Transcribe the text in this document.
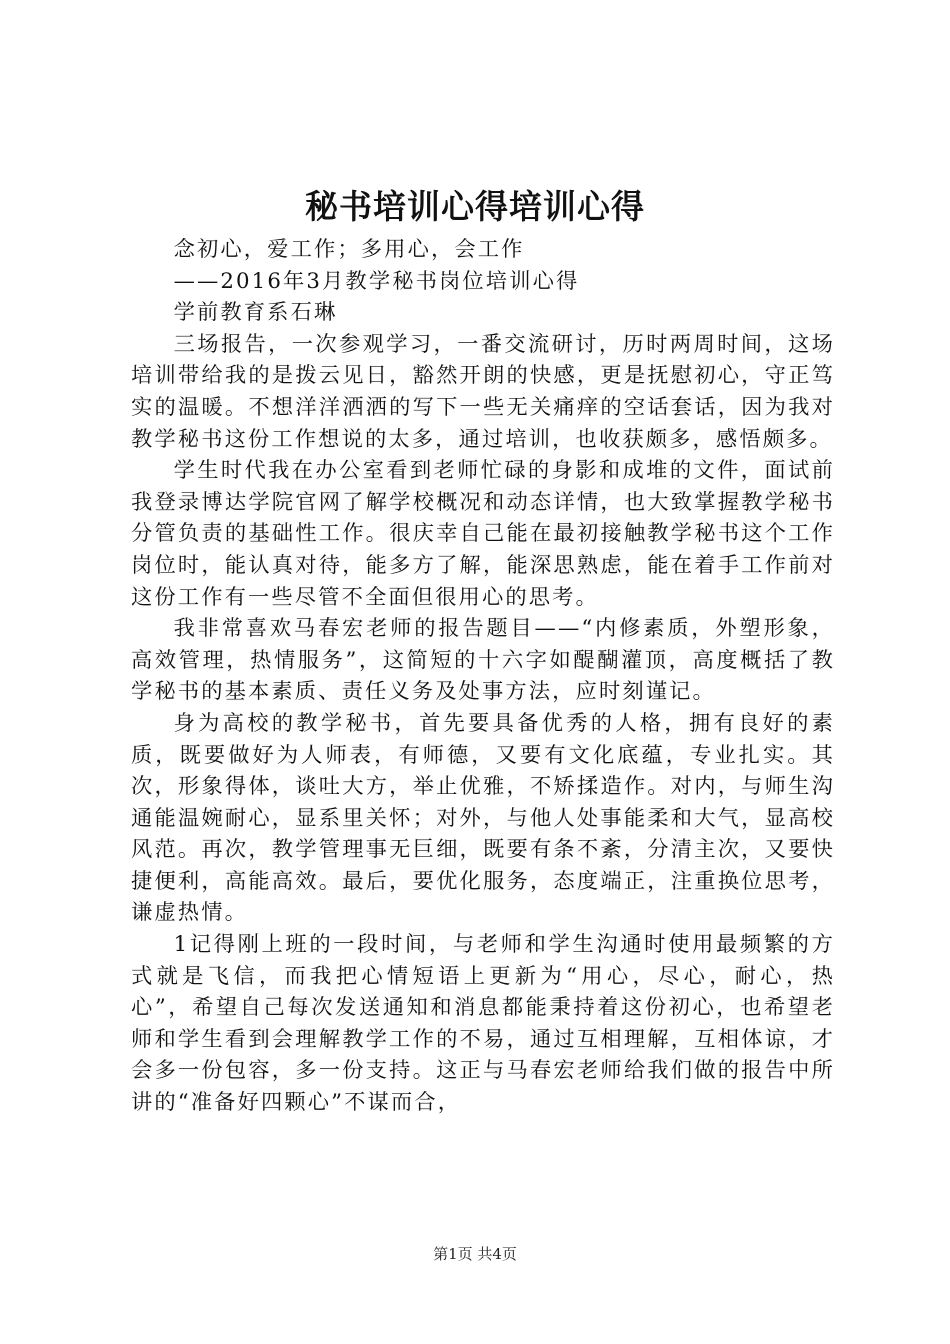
秘书培训心得培训心得

念初心，爱工作；多用心，会工作

——2016年3月教学秘书岗位培训心得

学前教育系石琳

三场报告，一次参观学习，一番交流研讨，历时两周时间，这场培训带给我的是拨云见日，豁然开朗的快感，更是抚慰初心，守正笃实的温暖。不想洋洋洒洒的写下一些无关痛痒的空话套话，因为我对教学秘书这份工作想说的太多，通过培训，也收获颇多，感悟颇多。

学生时代我在办公室看到老师忙碌的身影和成堆的文件，面试前我登录博达学院官网了解学校概况和动态详情，也大致掌握教学秘书分管负责的基础性工作。很庆幸自己能在最初接触教学秘书这个工作岗位时，能认真对待，能多方了解，能深思熟虑，能在着手工作前对这份工作有一些尽管不全面但很用心的思考。

我非常喜欢马春宏老师的报告题目——“内修素质，外塑形象，高效管理，热情服务”，这简短的十六字如醍醐灌顶，高度概括了教学秘书的基本素质、责任义务及处事方法，应时刻谨记。

身为高校的教学秘书，首先要具备优秀的人格，拥有良好的素质，既要做好为人师表，有师德，又要有文化底蕴，专业扎实。其次，形象得体，谈吐大方，举止优雅，不矫揉造作。对内，与师生沟通能温婉耐心，显系里关怀；对外，与他人处事能柔和大气，显高校风范。再次，教学管理事无巨细，既要有条不紊，分清主次，又要快捷便利，高能高效。最后，要优化服务，态度端正，注重换位思考，谦虚热情。

1记得刚上班的一段时间，与老师和学生沟通时使用最频繁的方式就是飞信，而我把心情短语上更新为“用心，尽心，耐心，热心”，希望自己每次发送通知和消息都能秉持着这份初心，也希望老师和学生看到会理解教学工作的不易，通过互相理解，互相体谅，才会多一份包容，多一份支持。这正与马春宏老师给我们做的报告中所讲的“准备好四颗心”不谋而合，

第1页 共4页
